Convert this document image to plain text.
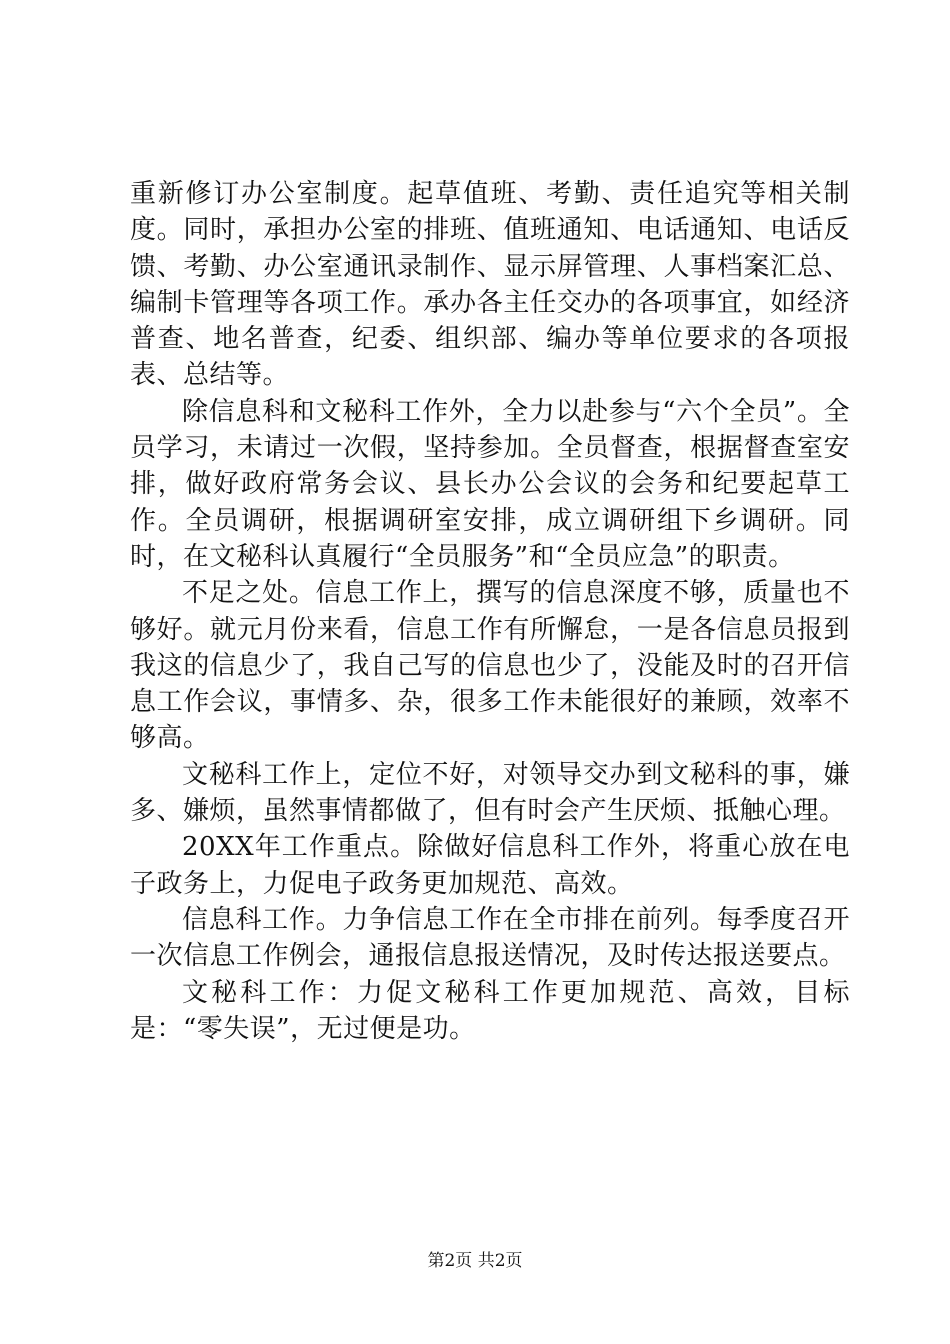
重新修订办公室制度。起草值班、考勤、责任追究等相关制度。同时，承担办公室的排班、值班通知、电话通知、电话反馈、考勤、办公室通讯录制作、显示屏管理、人事档案汇总、编制卡管理等各项工作。承办各主任交办的各项事宜，如经济普查、地名普查，纪委、组织部、编办等单位要求的各项报表、总结等。

除信息科和文秘科工作外，全力以赴参与“六个全员”。全员学习，未请过一次假，坚持参加。全员督查，根据督查室安排，做好政府常务会议、县长办公会议的会务和纪要起草工作。全员调研，根据调研室安排，成立调研组下乡调研。同时，在文秘科认真履行“全员服务”和“全员应急”的职责。

不足之处。信息工作上，撰写的信息深度不够，质量也不够好。就元月份来看，信息工作有所懈怠，一是各信息员报到我这的信息少了，我自己写的信息也少了，没能及时的召开信息工作会议，事情多、杂，很多工作未能很好的兼顾，效率不够高。

文秘科工作上，定位不好，对领导交办到文秘科的事，嫌多、嫌烦，虽然事情都做了，但有时会产生厌烦、抵触心理。

20XX年工作重点。除做好信息科工作外，将重心放在电子政务上，力促电子政务更加规范、高效。

信息科工作。力争信息工作在全市排在前列。每季度召开一次信息工作例会，通报信息报送情况，及时传达报送要点。

文秘科工作：力促文秘科工作更加规范、高效，目标是：“零失误”，无过便是功。

第2页 共2页
